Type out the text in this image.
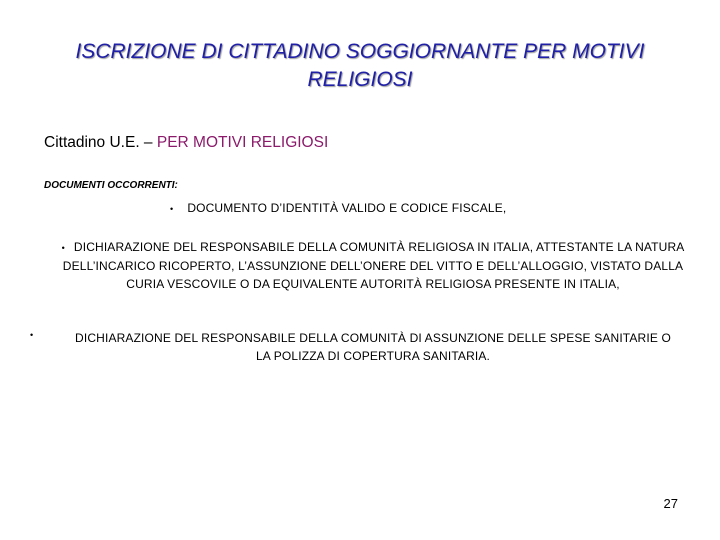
ISCRIZIONE DI CITTADINO SOGGIORNANTE PER MOTIVI RELIGIOSI
Cittadino U.E. – PER MOTIVI RELIGIOSI
DOCUMENTI OCCORRENTI:
• DOCUMENTO D’IDENTITÀ VALIDO E CODICE FISCALE,
• DICHIARAZIONE DEL RESPONSABILE DELLA COMUNITÀ RELIGIOSA IN ITALIA, ATTESTANTE LA NATURA DELL’INCARICO RICOPERTO, L’ASSUNZIONE DELL’ONERE DEL VITTO E DELL’ALLOGGIO, VISTATO DALLA CURIA VESCOVILE O DA EQUIVALENTE AUTORITÀ RELIGIOSA PRESENTE IN ITALIA,
•	DICHIARAZIONE DEL RESPONSABILE DELLA COMUNITÀ DI ASSUNZIONE DELLE SPESE SANITARIE O LA POLIZZA DI COPERTURA SANITARIA.
27
